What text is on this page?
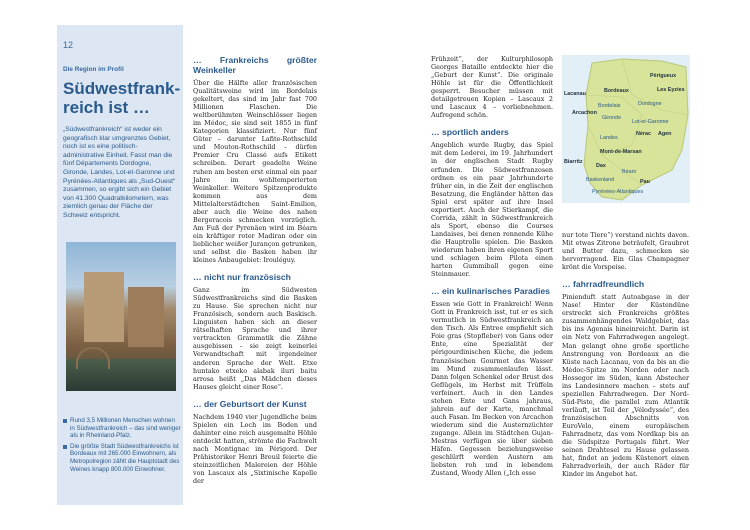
12
Die Region im Profil
Südwestfrank-
reich ist …
„Südwestfrankreich“ ist weder ein geografisch klar umgrenztes Gebiet, noch ist es eine politisch-administrative Einheit. Fasst man die fünf Départements Dordogne, Gironde, Landes, Lot-et-Garonne und Pyrénées-Atlantiques als „Sud-Ouest“ zusammen, so ergibt sich ein Gebiet von 41.300 Quadratkilometern, was ziemlich genau der Fläche der Schweiz entspricht.
Rund 3,5 Millionen Menschen wohnen in Südwestfrankreich – das sind weniger als in Rheinland-Pfalz.
Die größte Stadt Südwestfrankreichs ist Bordeaux mit 265.000 Einwohnern, als Metropolregion zählt die Hauptstadt des Weines knapp 800.000 Einwohner.
… Frankreichs größter Weinkeller

Über die Hälfte aller französischen Qualitätsweine wird im Bordelais gekeltert, das sind im Jahr fast 700 Millionen Flaschen. Die weltberühmten Weinschlösser liegen im Médoc, sie sind seit 1855 in fünf Kategorien klassifiziert. Nur fünf Güter – darunter Lafite-Rothschild und Mouton-Rothschild – dürfen Premier Cru Classé aufs Etikett schreiben. Derart geadelte Weine ruhen am besten erst einmal ein paar Jahre im wohltemperierten Weinkeller. Weitere Spitzenprodukte kommen aus dem Mittelalterstädtchen Saint-Emilion, aber auch die Weine des nahen Bergeracois schmecken vorzüglich. Am Fuß der Pyrenäen wird im Béarn ein kräftiger roter Madiran oder ein lieblicher weißer Jurançon getrunken, und selbst die Basken haben ihr kleines Anbaugebiet: Irouléguy.

… nicht nur französisch

Ganz im Südwesten Südwestfrankreichs sind die Basken zu Hause. Sie sprechen nicht nur Französisch, sondern auch Baskisch. Linguisten haben sich an dieser rätselhaften Sprache und ihrer vertrackten Grammatik die Zähne ausgebissen – sie zeigt keinerlei Verwandtschaft mit irgendeiner anderen Sprache der Welt. Etxe huntako etxeko alabak iluri baitu arrosa heißt „Das Mädchen dieses Hauses gleicht einer Rose“.

… der Geburtsort der Kunst

Nachdem 1940 vier Jugendliche beim Spielen ein Loch im Boden und dahinter eine reich ausgemalte Höhle entdeckt hatten, strömte die Fachwelt nach Montignac im Périgord. Der Prähistoriker Henri Breuil feierte die steinzeitlichen Malereien der Höhle von Lascaux als „Sixtinische Kapelle der

Frühzeit“, der Kulturphilosoph Georges Bataille entdeckte hier die „Geburt der Kunst“. Die originale Höhle ist für die Öffentlichkeit gesperrt. Besucher müssen mit detailgetreuen Kopien – Lascaux 2 und Lascaux 4 – vorliebnehmen. Aufregend schön.

… sportlich anders

Angeblich wurde Rugby, das Spiel mit dem Lederei, im 19. Jahrhundert in der englischen Stadt Rugby erfunden. Die Südwestfranzosen ordnen es ein paar Jahrhunderte früher ein, in die Zeit der englischen Besatzung, die Engländer hätten das Spiel erst später auf ihre Insel exportiert. Auch der Stierkampf, die Corrida, zählt in Südwestfrankreich als Sport, ebenso die Courses Landaises, bei denen rennende Kühe die Hauptrolle spielen. Die Basken wiederum haben ihren eigenen Sport und schlagen beim Pilota einen harten Gummiball gegen eine Steinmauer.

… ein kulinarisches Paradies

Essen wie Gott in Frankreich! Wenn Gott in Frankreich isst, tut er es sich vermutlich in Südwestfrankreich an den Tisch. Als Entree empfiehlt sich Foie gras (Stopfleber) von Gans oder Ente, eine Spezialität der périgourdinischen Küche, die jedem französischen Gourmet das Wasser im Mund zusammenlaufen lässt. Dann folgen Schenkel oder Brust des Geflügels, im Herbst mit Trüffeln verfeinert. Auch in den Landes stehen Ente und Gans jahraus, jahrein auf der Karte, manchmal auch Fasan. Im Becken von Arcachon wiederum sind die Austernzüchter zugange. Allein im Städtchen Gujan-Mestras verfügen sie über sieben Häfen. Gegessen beziehungsweise geschlürft werden Austern am liebsten roh und in lebendem Zustand, Woody Allen („Ich esse

Lacanau	Bordeaux
Périgueux
Les Eyzies
Arcachon
Bordelais	Dordogne
Gironde
Lot-et-Garonne
Agen
Nérac
Landes
Mont-de-Marsan
Biarritz
Dax
Baskenland
Béarn
Pau
Pyrénées-Atlantiques

nur tote Tiere“) verstand nichts davon. Mit etwas Zitrone beträufelt, Graubrot und Butter dazu, schmecken sie hervorragend. Ein Glas Champagner krönt die Vorspeise.

… fahrradfreundlich

Pinienduft statt Autoabgase in der Nase! Hinter der Küstendüne erstreckt sich Frankreichs größtes zusammenhängendes Waldgebiet, das bis ins Agenais hineinreicht. Darin ist ein Netz von Fahrradwegen angelegt. Man gelangt ohne große sportliche Anstrengung von Bordeaux an die Küste nach Lacanau, von da bis an die Médoc-Spitze im Norden oder nach Hossegor im Süden, kann Abstecher ins Landesinnere machen – stets auf speziellen Fahrradwegen. Der Nord-Süd-Piste, die parallel zum Atlantik verläuft, ist Teil der „Vélodyssée“, des französischen Abschnitts von EuroVelo, einem europäischen Fahrradnetz, das vom Nordkap bis an die Südspitze Portugals führt. Wer seinen Drahtesel zu Hause gelassen hat, findet an jedem Küstenort einen Fahrradverleih, der auch Räder für Kinder im Angebot hat.
